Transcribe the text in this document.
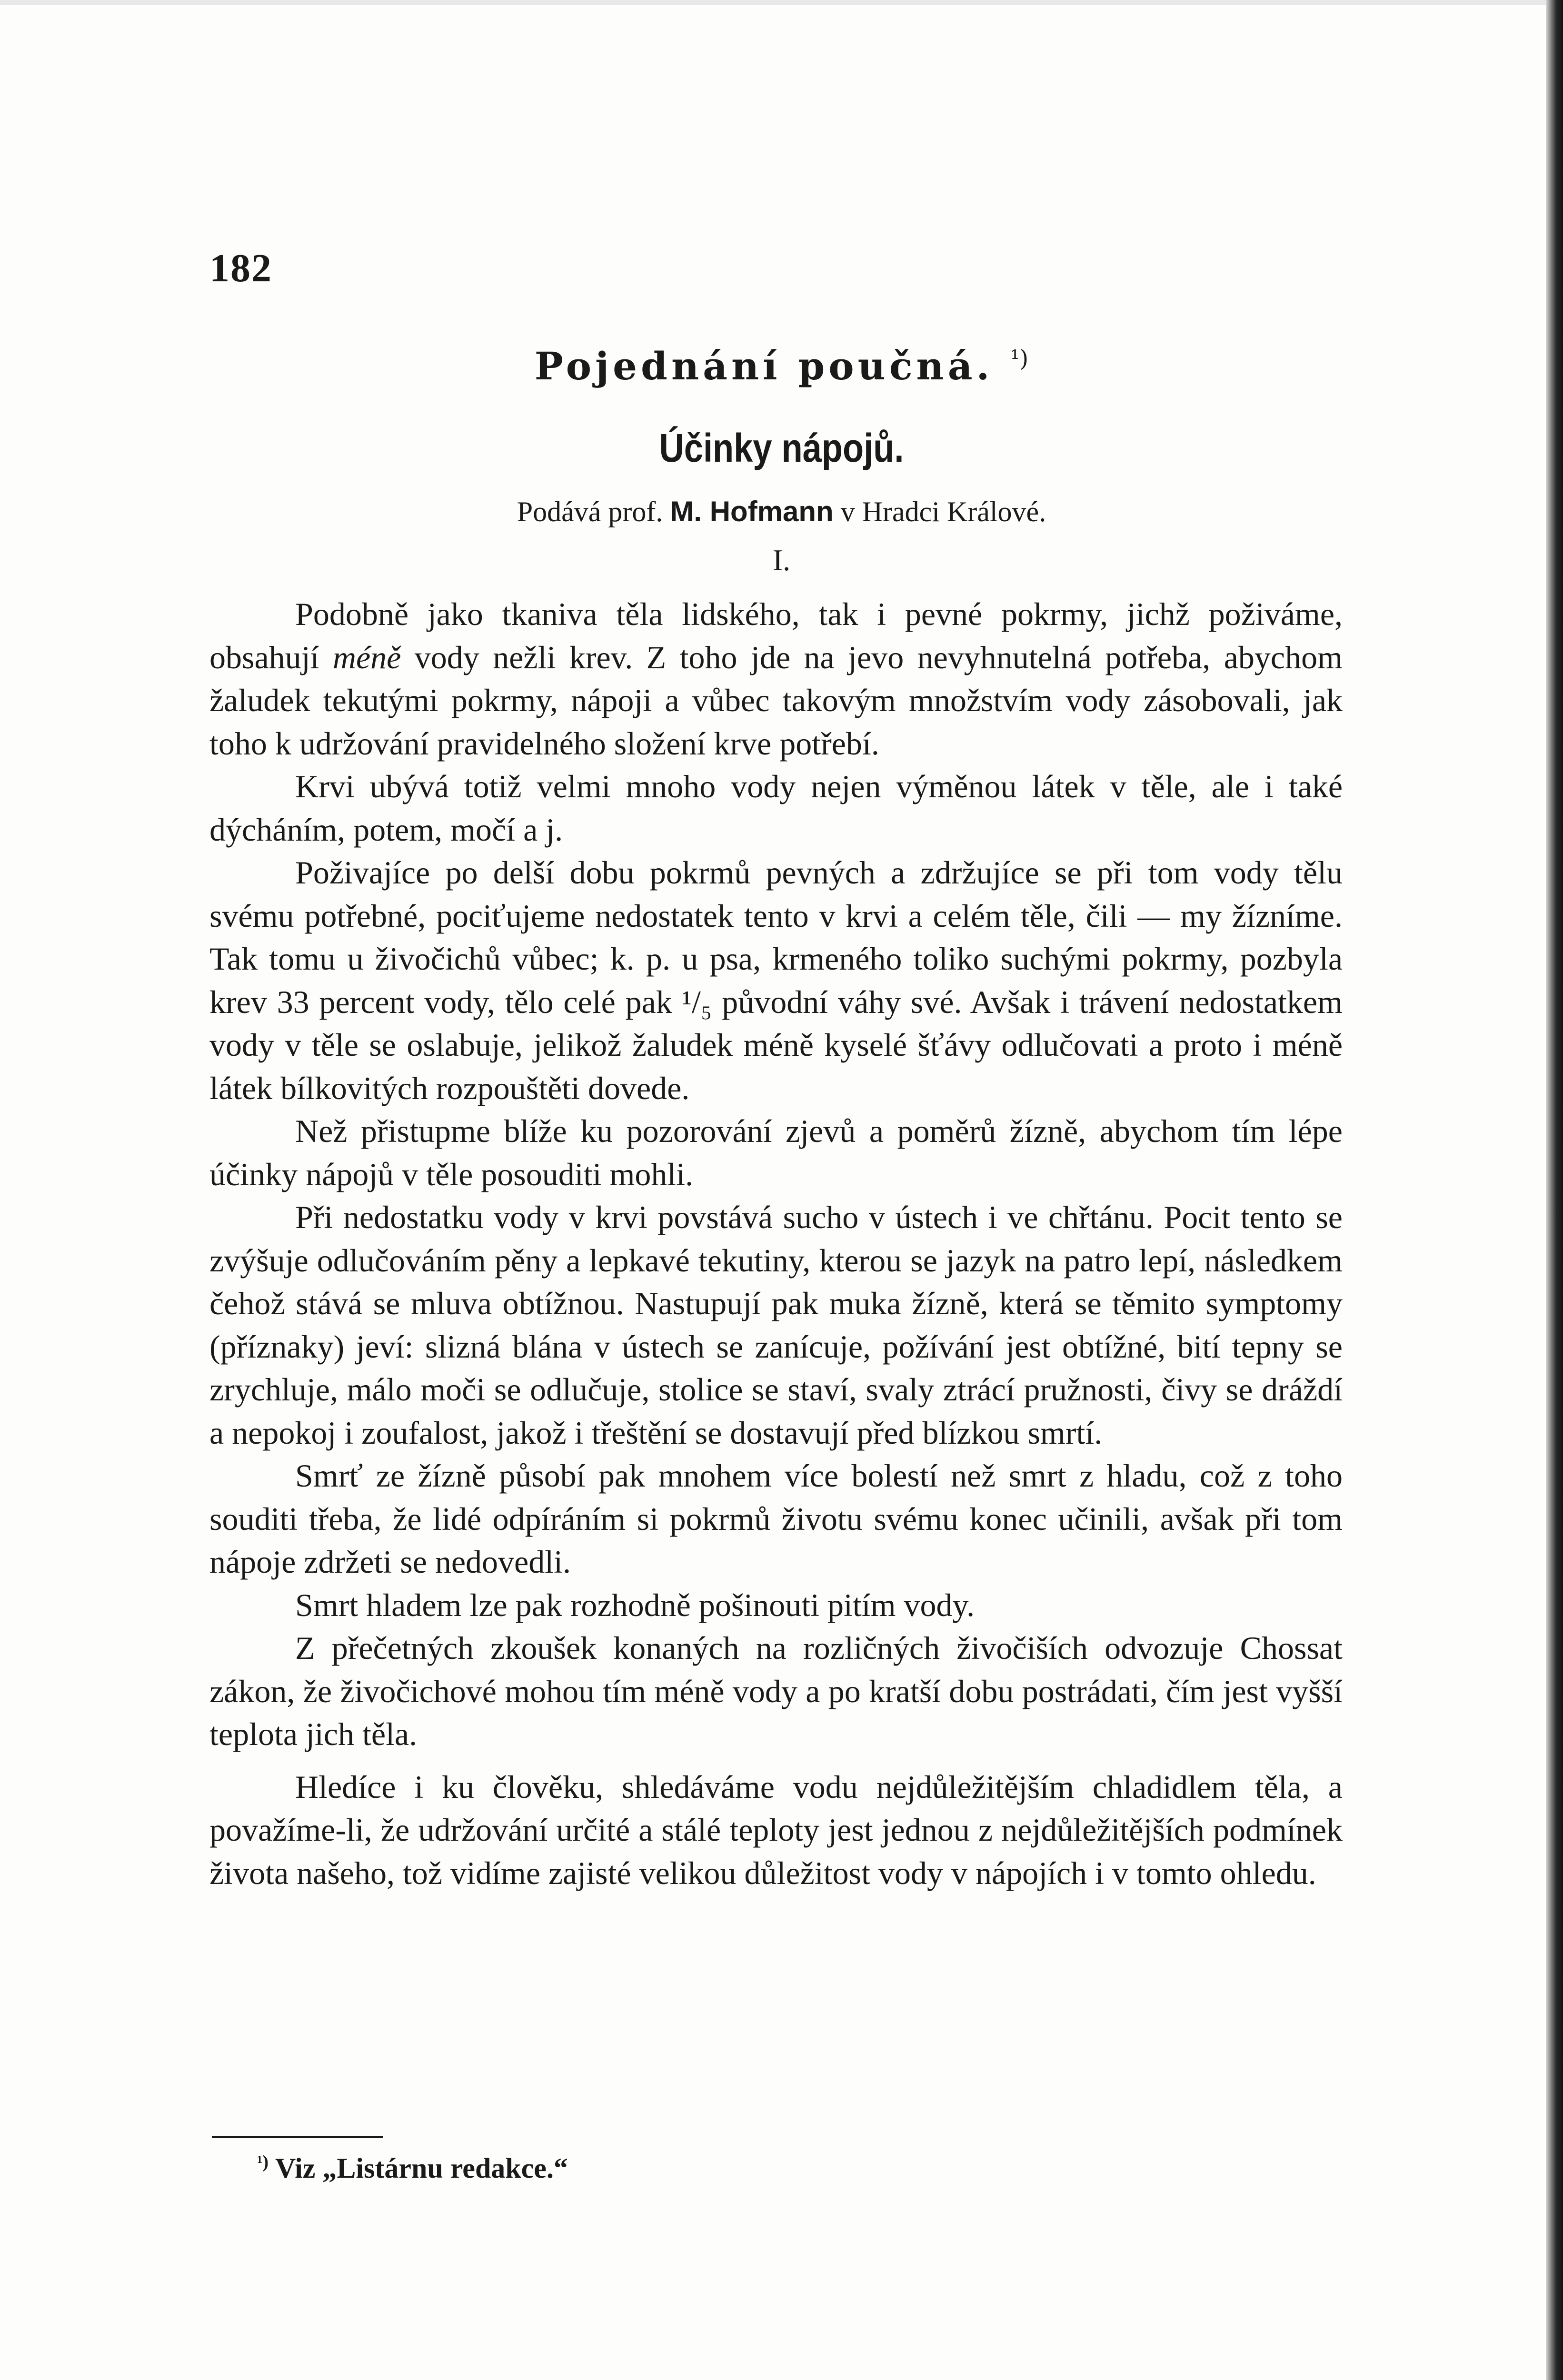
182
Pojednání poučná. $^{^1)}$
Účinky nápojů.
Podává prof. M. Hofmann v Hradci Králové.
I.

Podobně jako tkaniva těla lidského, tak i pevné pokrmy, jichž poživáme, obsahují méně vody nežli krev. Z toho jde na jevo nevyhnutelná potřeba, abychom žaludek tekutými pokrmy, nápoji a vůbec takovým množstvím vody zásobovali, jak toho k udržování pravidelného složení krve potřebí.

Krvi ubývá totiž velmi mnoho vody nejen výměnou látek v těle, ale i také dýcháním, potem, močí a j.

Poživajíce po delší dobu pokrmů pevných a zdržujíce se při tom vody tělu svému potřebné, pociťujeme nedostatek tento v krvi a celém těle, čili — my žízníme. Tak tomu u živočichů vůbec; k. p. u psa, krmeného toliko suchými pokrmy, pozbyla krev 33 percent vody, tělo celé pak ¹/₅ původní váhy své. Avšak i trávení nedostatkem vody v těle se oslabuje, jelikož žaludek méně kyselé šťávy odlučovati a proto i méně látek bílkovitých rozpouštěti dovede.

Než přistupme blíže ku pozorování zjevů a poměrů žízně, abychom tím lépe účinky nápojů v těle posouditi mohli.

Při nedostatku vody v krvi povstává sucho v ústech i ve chřtánu. Pocit tento se zvýšuje odlučováním pěny a lepkavé tekutiny, kterou se jazyk na patro lepí, následkem čehož stává se mluva obtížnou. Nastupují pak muka žízně, která se těmito symptomy (příznaky) jeví: slizná blána v ústech se zanícuje, požívání jest obtížné, bití tepny se zrychluje, málo moči se odlučuje, stolice se staví, svaly ztrácí pružnosti, čivy se dráždí a nepokoj i zoufalost, jakož i třeštění se dostavují před blízkou smrtí.

Smrť ze žízně působí pak mnohem více bolestí než smrt z hladu, což z toho souditi třeba, že lidé odpíráním si pokrmů životu svému konec učinili, avšak při tom nápoje zdržeti se nedovedli.

Smrt hladem lze pak rozhodně pošinouti pitím vody.

Z přečetných zkoušek konaných na rozličných živočiších odvozuje Chossat zákon, že živočichové mohou tím méně vody a po kratší dobu postrádati, čím jest vyšší teplota jich těla.

Hledíce i ku člověku, shledáváme vodu nejdůležitějším chladidlem těla, a považíme-li, že udržování určité a stálé teploty jest jednou z nejdůležitějších podmínek života našeho, tož vidíme zajisté velikou důležitost vody v nápojích i v tomto ohledu.

$^{^1)}$ Viz „Listárnu redakce.“
